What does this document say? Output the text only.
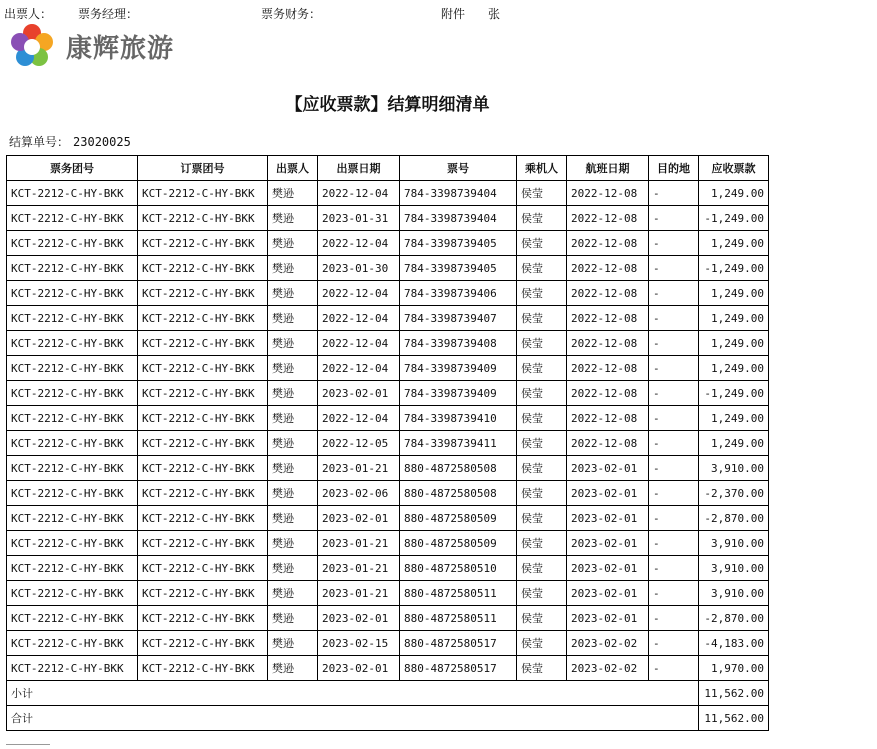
出票人： 票务经理：	票务财务：	附件 张
康辉旅游
【应收票款】结算明细清单
结算单号： 23020025
票务团号	订票团号	出票人	出票日期	票号	乘机人	航班日期	目的地	应收票款
KCT-2212-C-HY-BKK	KCT-2212-C-HY-BKK	樊逊	2022-12-04	784-3398739404	侯莹	2022-12-08	-	1,249.00
KCT-2212-C-HY-BKK	KCT-2212-C-HY-BKK	樊逊	2023-01-31	784-3398739404	侯莹	2022-12-08	-	-1,249.00
KCT-2212-C-HY-BKK	KCT-2212-C-HY-BKK	樊逊	2022-12-04	784-3398739405	侯莹	2022-12-08	-	1,249.00
KCT-2212-C-HY-BKK	KCT-2212-C-HY-BKK	樊逊	2023-01-30	784-3398739405	侯莹	2022-12-08	-	-1,249.00
KCT-2212-C-HY-BKK	KCT-2212-C-HY-BKK	樊逊	2022-12-04	784-3398739406	侯莹	2022-12-08	-	1,249.00
KCT-2212-C-HY-BKK	KCT-2212-C-HY-BKK	樊逊	2022-12-04	784-3398739407	侯莹	2022-12-08	-	1,249.00
KCT-2212-C-HY-BKK	KCT-2212-C-HY-BKK	樊逊	2022-12-04	784-3398739408	侯莹	2022-12-08	-	1,249.00
KCT-2212-C-HY-BKK	KCT-2212-C-HY-BKK	樊逊	2022-12-04	784-3398739409	侯莹	2022-12-08	-	1,249.00
KCT-2212-C-HY-BKK	KCT-2212-C-HY-BKK	樊逊	2023-02-01	784-3398739409	侯莹	2022-12-08	-	-1,249.00
KCT-2212-C-HY-BKK	KCT-2212-C-HY-BKK	樊逊	2022-12-04	784-3398739410	侯莹	2022-12-08	-	1,249.00
KCT-2212-C-HY-BKK	KCT-2212-C-HY-BKK	樊逊	2022-12-05	784-3398739411	侯莹	2022-12-08	-	1,249.00
KCT-2212-C-HY-BKK	KCT-2212-C-HY-BKK	樊逊	2023-01-21	880-4872580508	侯莹	2023-02-01	-	3,910.00
KCT-2212-C-HY-BKK	KCT-2212-C-HY-BKK	樊逊	2023-02-06	880-4872580508	侯莹	2023-02-01	-	-2,370.00
KCT-2212-C-HY-BKK	KCT-2212-C-HY-BKK	樊逊	2023-02-01	880-4872580509	侯莹	2023-02-01	-	-2,870.00
KCT-2212-C-HY-BKK	KCT-2212-C-HY-BKK	樊逊	2023-01-21	880-4872580509	侯莹	2023-02-01	-	3,910.00
KCT-2212-C-HY-BKK	KCT-2212-C-HY-BKK	樊逊	2023-01-21	880-4872580510	侯莹	2023-02-01	-	3,910.00
KCT-2212-C-HY-BKK	KCT-2212-C-HY-BKK	樊逊	2023-01-21	880-4872580511	侯莹	2023-02-01	-	3,910.00
KCT-2212-C-HY-BKK	KCT-2212-C-HY-BKK	樊逊	2023-02-01	880-4872580511	侯莹	2023-02-01	-	-2,870.00
KCT-2212-C-HY-BKK	KCT-2212-C-HY-BKK	樊逊	2023-02-15	880-4872580517	侯莹	2023-02-02	-	-4,183.00
KCT-2212-C-HY-BKK	KCT-2212-C-HY-BKK	樊逊	2023-02-01	880-4872580517	侯莹	2023-02-02	-	1,970.00
小计								11,562.00
合计								11,562.00
